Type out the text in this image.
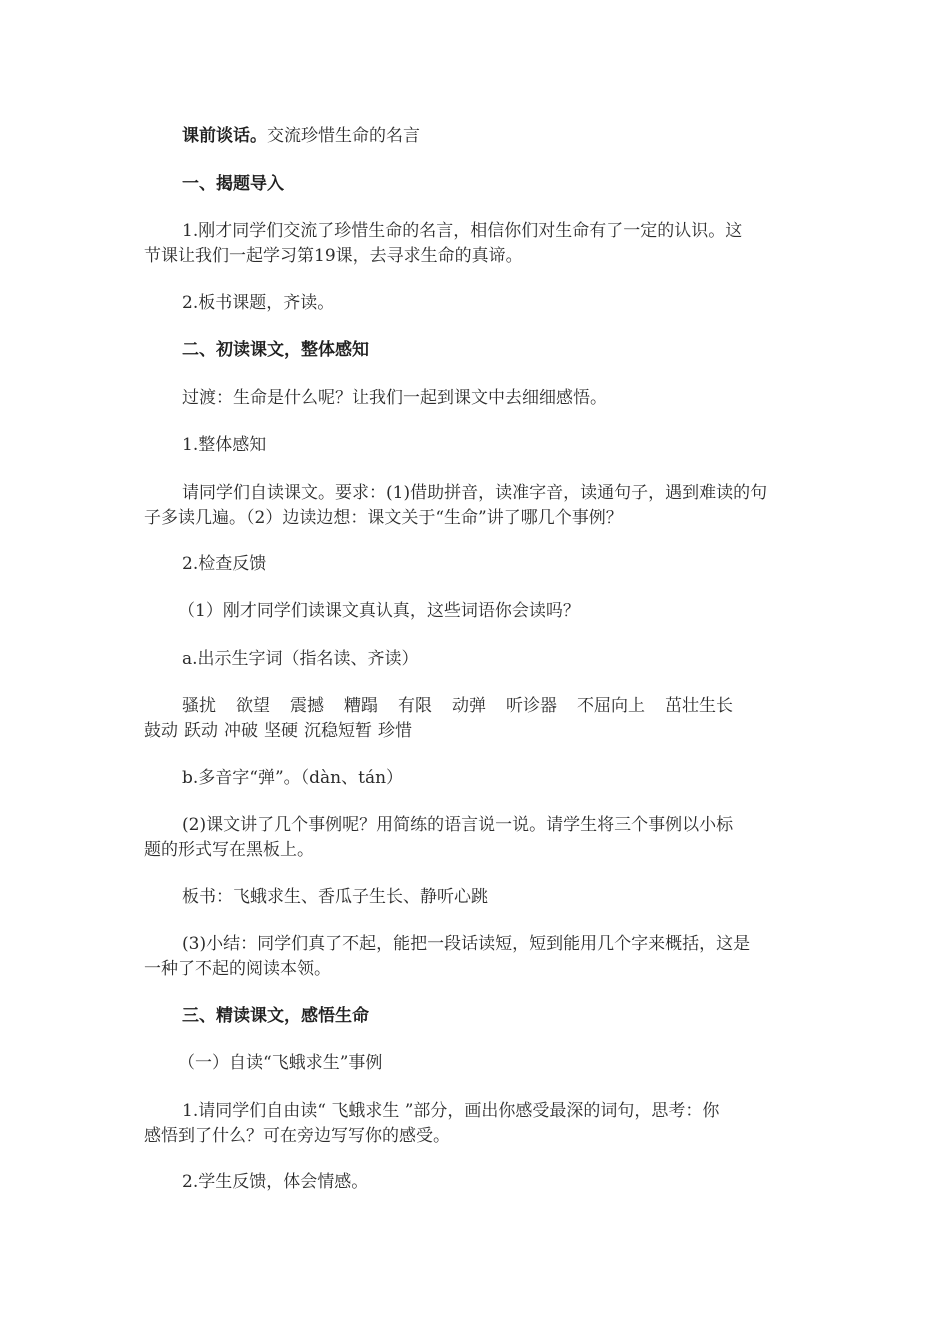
课前谈话。交流珍惜生命的名言

一、揭题导入

1.刚才同学们交流了珍惜生命的名言，相信你们对生命有了一定的认识。这
节课让我们一起学习第19课，去寻求生命的真谛。

2.板书课题，齐读。

二、初读课文，整体感知

过渡：生命是什么呢？让我们一起到课文中去细细感悟。

1.整体感知

请同学们自读课文。要求：(1)借助拼音，读准字音，读通句子，遇到难读的句
子多读几遍。（2）边读边想：课文关于“生命”讲了哪几个事例？

2.检查反馈

（1）刚才同学们读课文真认真，这些词语你会读吗？

a.出示生字词（指名读、齐读）

骚扰 欲望 震撼 糟蹋 有限 动弹 听诊器 不屈向上 茁壮生长
鼓动 跃动 冲破 坚硬 沉稳短暂 珍惜

b.多音字“弹”。（dàn、tán）

(2)课文讲了几个事例呢？用简练的语言说一说。请学生将三个事例以小标
题的形式写在黑板上。

板书：飞蛾求生、香瓜子生长、静听心跳

(3)小结：同学们真了不起，能把一段话读短，短到能用几个字来概括，这是
一种了不起的阅读本领。

三、精读课文，感悟生命

（一）自读“飞蛾求生”事例

1.请同学们自由读“ 飞蛾求生 ”部分，画出你感受最深的词句，思考：你
感悟到了什么？可在旁边写写你的感受。

2.学生反馈，体会情感。
